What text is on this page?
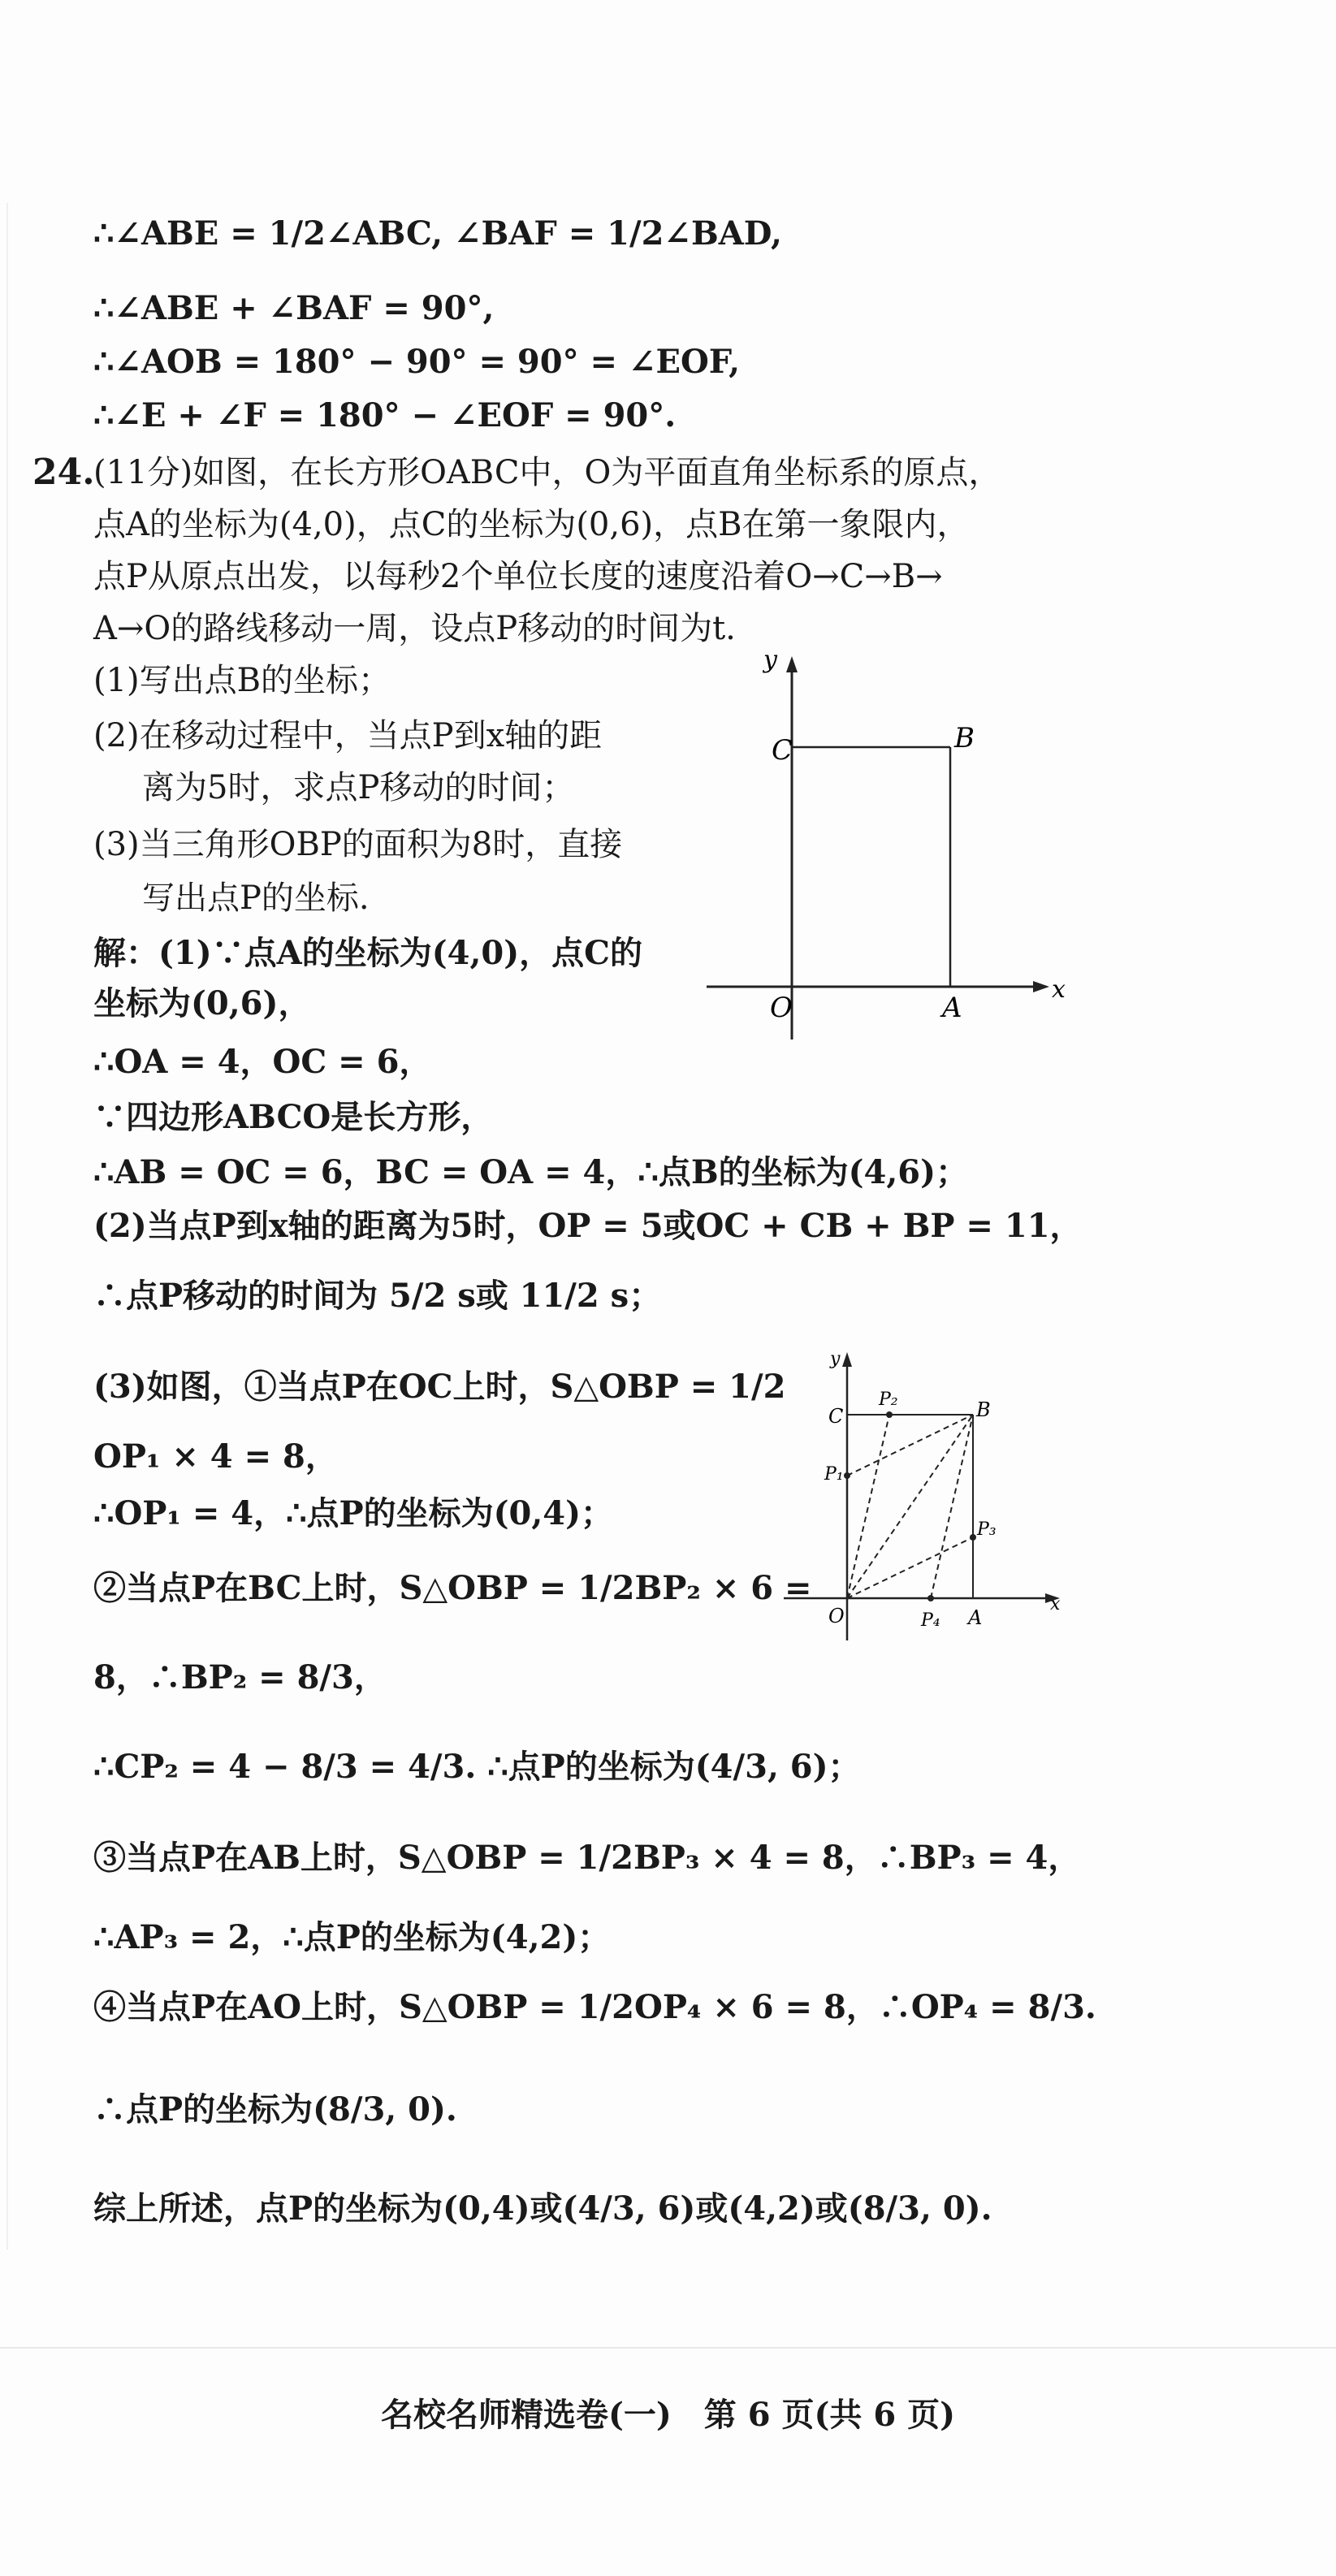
∴∠ABE = 1/2∠ABC, ∠BAF = 1/2∠BAD,
∴∠ABE + ∠BAF = 90°,
∴∠AOB = 180° − 90° = 90° = ∠EOF,
∴∠E + ∠F = 180° − ∠EOF = 90°.
24.
(11分)如图，在长方形OABC中，O为平面直角坐标系的原点，
点A的坐标为(4,0)，点C的坐标为(0,6)，点B在第一象限内，
点P从原点出发，以每秒2个单位长度的速度沿着O→C→B→
A→O的路线移动一周，设点P移动的时间为t.
(1)写出点B的坐标；
(2)在移动过程中，当点P到x轴的距
离为5时，求点P移动的时间；
(3)当三角形OBP的面积为8时，直接
写出点P的坐标.
y
x
C	B
O	A
解：(1)∵点A的坐标为(4,0)，点C的
坐标为(0,6)，
∴OA = 4，OC = 6，
∵四边形ABCO是长方形，
∴AB = OC = 6，BC = OA = 4，∴点B的坐标为(4,6)；
(2)当点P到x轴的距离为5时，OP = 5或OC + CB + BP = 11，
∴点P移动的时间为 5/2 s或 11/2 s；
(3)如图，①当点P在OC上时，S△OBP = 1/2
OP₁ × 4 = 8，
∴OP₁ = 4，∴点P的坐标为(0,4)；
②当点P在BC上时，S△OBP = 1/2BP₂ × 6 =
y
x
C	B
O	A
P₁
P₂
P₃
P₄
8，∴BP₂ = 8/3，
∴CP₂ = 4 − 8/3 = 4/3. ∴点P的坐标为(4/3, 6)；
③当点P在AB上时，S△OBP = 1/2BP₃ × 4 = 8，∴BP₃ = 4，
∴AP₃ = 2，∴点P的坐标为(4,2)；
④当点P在AO上时，S△OBP = 1/2OP₄ × 6 = 8，∴OP₄ = 8/3.
∴点P的坐标为(8/3, 0).
综上所述，点P的坐标为(0,4)或(4/3, 6)或(4,2)或(8/3, 0).
名校名师精选卷(一)　第 6 页(共 6 页)
